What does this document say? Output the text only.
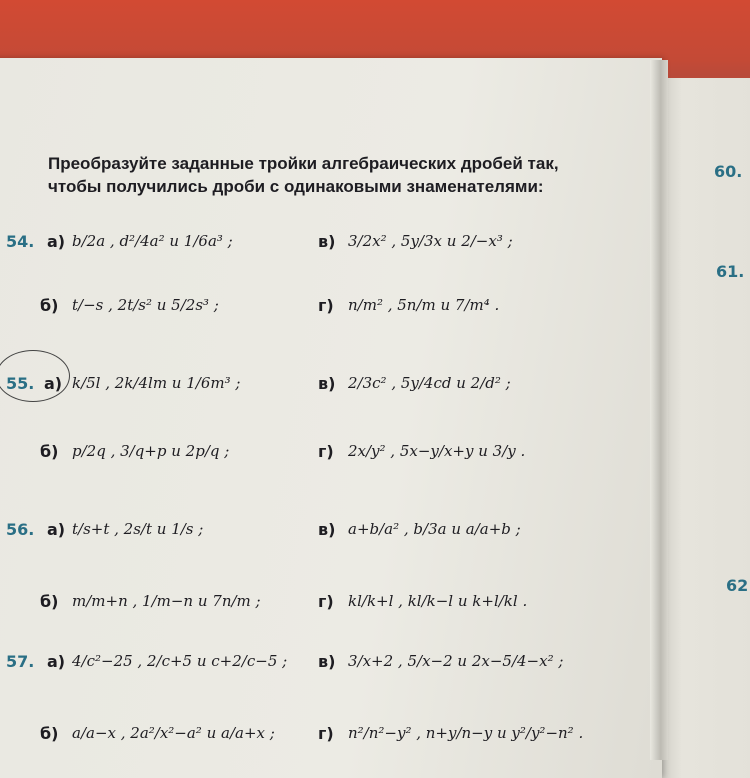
Преобразуйте заданные тройки алгебраических дробей так,
чтобы получились дроби с одинаковыми знаменателями:
60.
61.
62
54. а) b/2a , d²/4a² и 1/6a³ ;
б) t/−s , 2t/s² и 5/2s³ ;
в) 3/2x² , 5y/3x и 2/−x³ ;
г) n/m² , 5n/m и 7/m⁴ .
55. а) k/5l , 2k/4lm и 1/6m³ ;
б) p/2q , 3/q+p и 2p/q ;
в) 2/3c² , 5y/4cd и 2/d² ;
г) 2x/y² , 5x−y/x+y и 3/y .
56. а) t/s+t , 2s/t и 1/s ;
б) m/m+n , 1/m−n и 7n/m ;
в) a+b/a² , b/3a и a/a+b ;
г) kl/k+l , kl/k−l и k+l/kl .
57. а) 4/c²−25 , 2/c+5 и c+2/c−5 ;
б) a/a−x , 2a²/x²−a² и a/a+x ;
в) 3/x+2 , 5/x−2 и 2x−5/4−x² ;
г) n²/n²−y² , n+y/n−y и y²/y²−n² .
